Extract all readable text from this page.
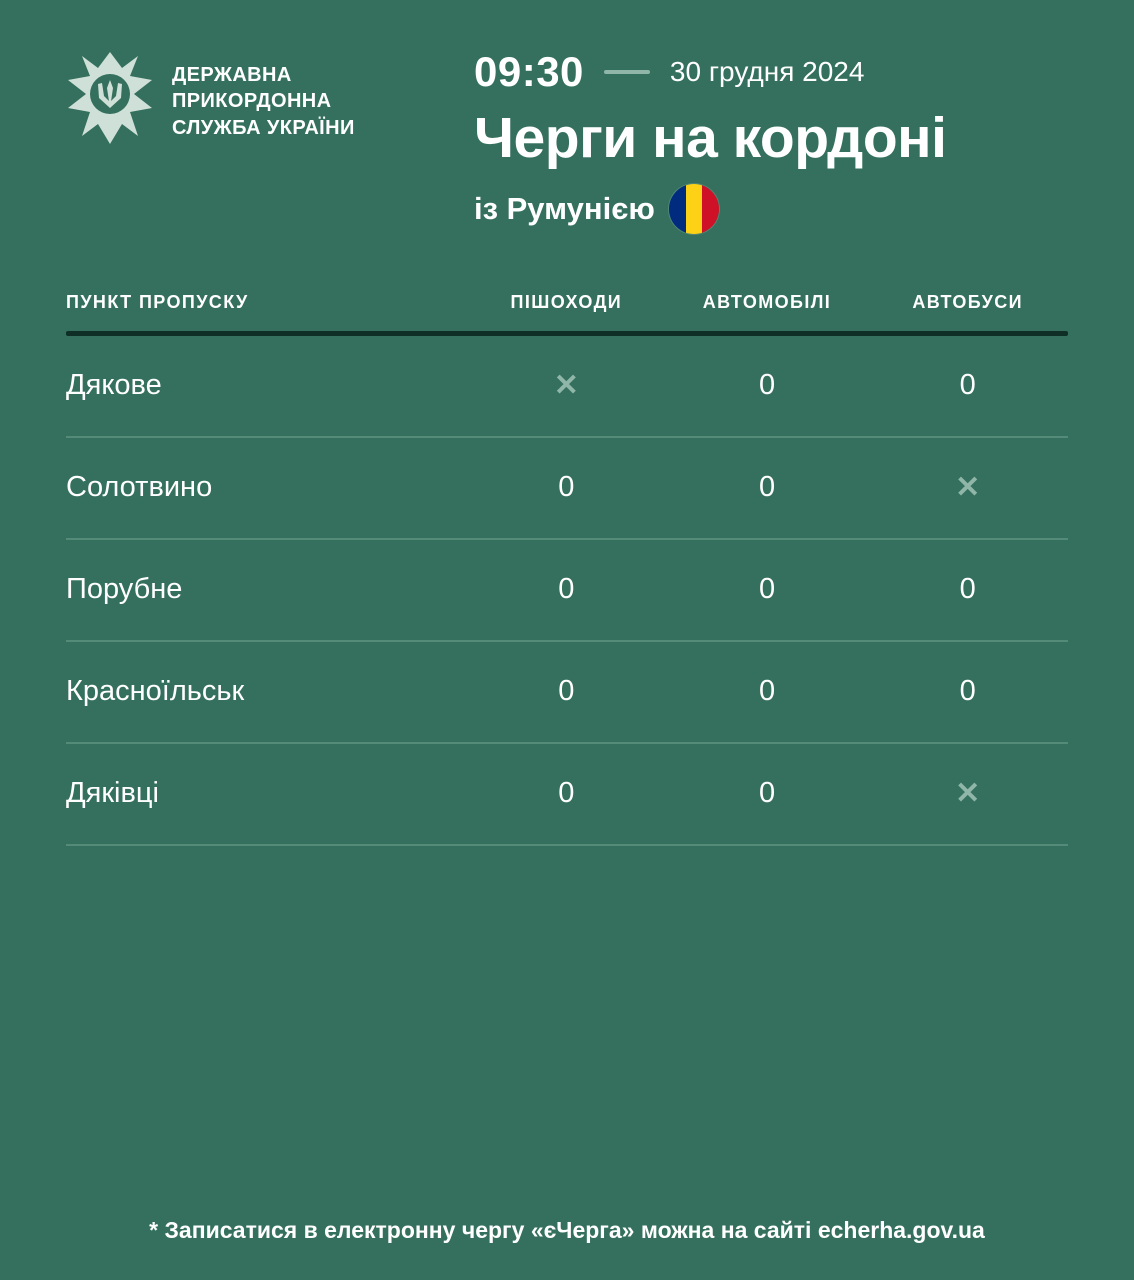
ДЕРЖАВНА
ПРИКОРДОННА
СЛУЖБА УКРАЇНИ
09:30	30 грудня 2024
Черги на кордоні
із Румунією
ПУНКТ ПРОПУСКУ	ПІШОХОДИ	АВТОМОБІЛІ	АВТОБУСИ
Дякове	✕	0	0
Солотвино	0	0	✕
Порубне	0	0	0
Красноїльськ	0	0	0
Дяківці	0	0	✕
* Записатися в електронну чергу «єЧерга» можна на сайті echerha.gov.ua
